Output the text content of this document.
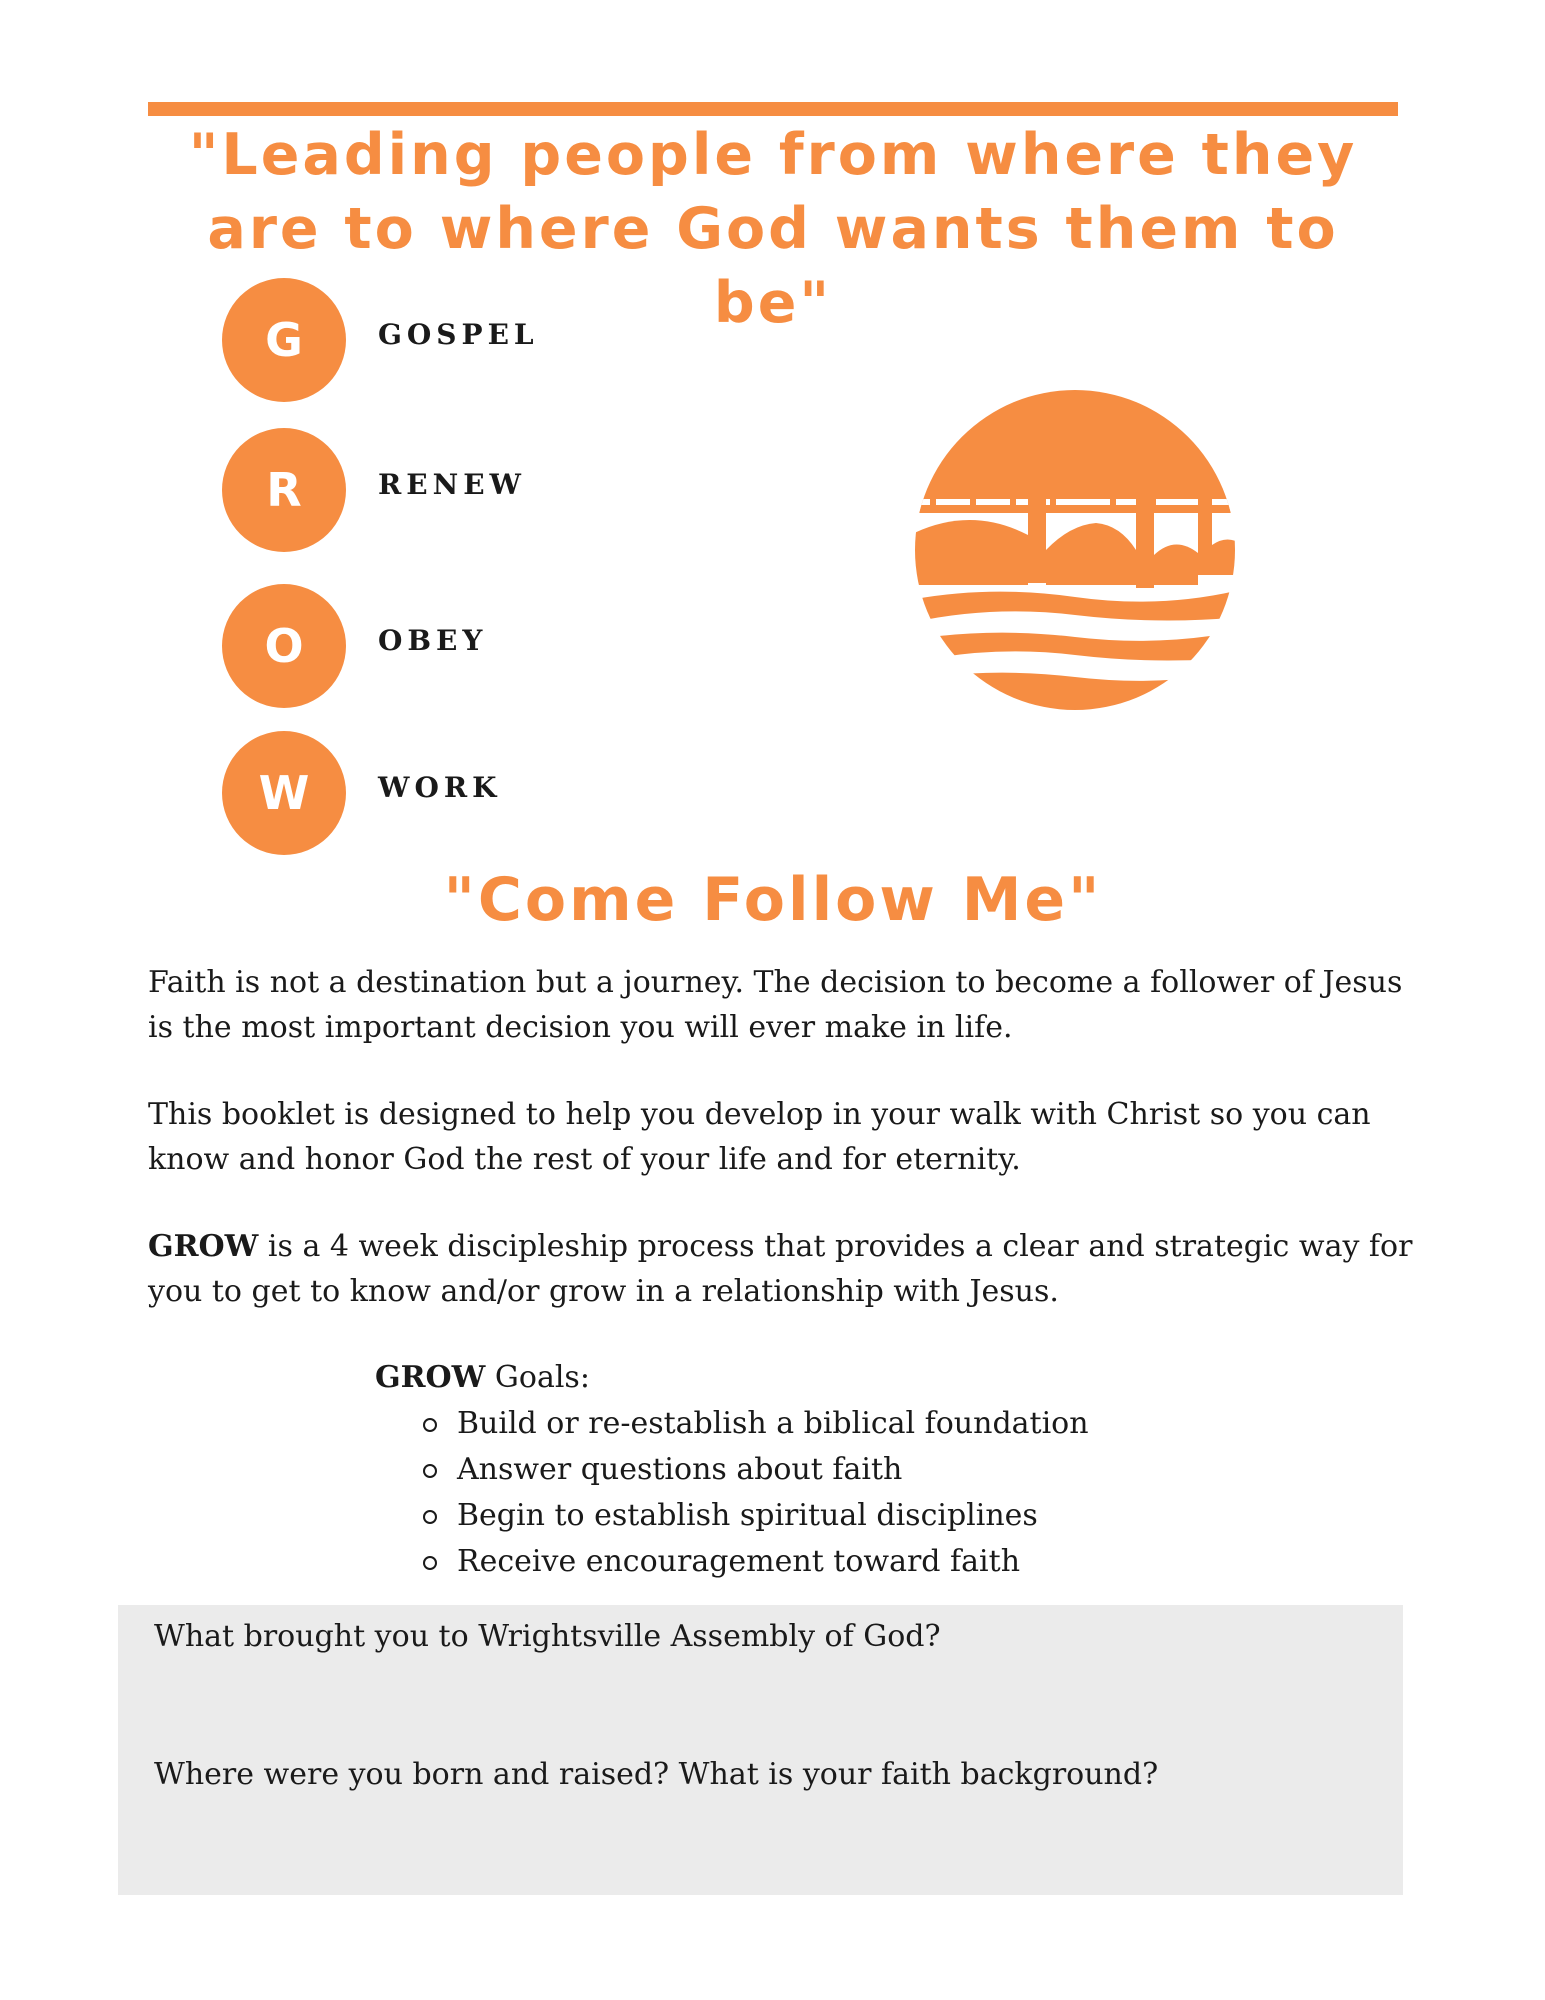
"Leading people from where they
are to where God wants them to be"
G	GOSPEL
R	RENEW
O	OBEY
W	WORK
"Come Follow Me"

Faith is not a destination but a journey. The decision to become a follower of Jesus is the most important decision you will ever make in life.

This booklet is designed to help you develop in your walk with Christ so you can know and honor God the rest of your life and for eternity.

GROW is a 4 week discipleship process that provides a clear and strategic way for you to get to know and/or grow in a relationship with Jesus.

GROW Goals:

Build or re-establish a biblical foundation
Answer questions about faith
Begin to establish spiritual disciplines
Receive encouragement toward faith

What brought you to Wrightsville Assembly of God?

Where were you born and raised? What is your faith background?
